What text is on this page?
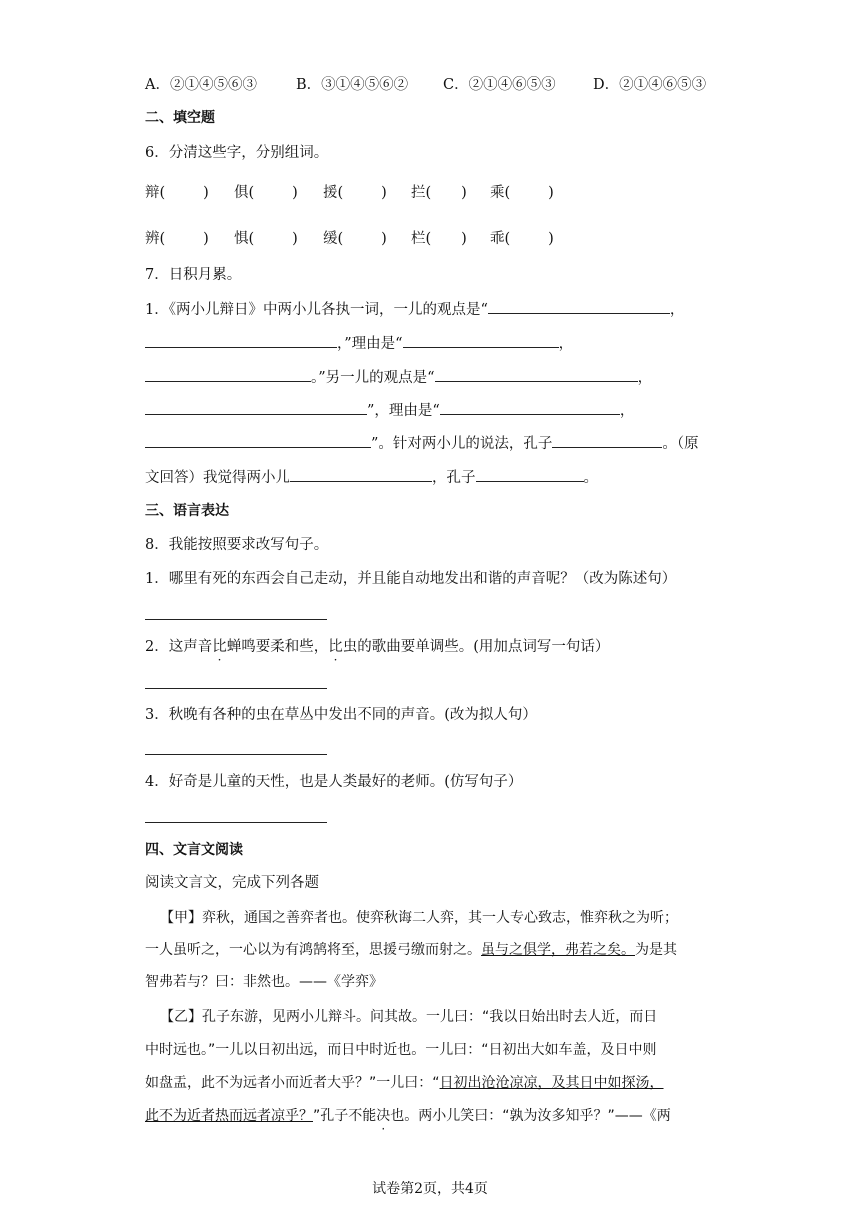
A．②①④⑤⑥③	B．③①④⑤⑥② C．②①④⑥⑤③	D．②①④⑥⑤③
二、填空题
6．分清这些字，分别组词。
辩(	) 俱(	) 援(	) 拦( ) 乘(	)
辨(	) 惧(	) 缓(	) 栏( ) 乖(	)
7．日积月累。
1．《两小儿辩日》中两小儿各执一词，一儿的观点是“	，
，”理由是“	，
。”另一儿的观点是“	，
”，理由是“	，
”。针对两小儿的说法，孔子	。（原
文回答）我觉得两小儿	，孔子	。
三、语言表达
8．我能按照要求改写句子。
1．哪里有死的东西会自己走动，并且能自动地发出和谐的声音呢？（改为陈述句）
2．这声音比蝉鸣要柔和些，比虫的歌曲要单调些。(用加点词写一句话）
3．秋晚有各种的虫在草丛中发出不同的声音。(改为拟人句）
4．好奇是儿童的天性，也是人类最好的老师。(仿写句子）
四、文言文阅读
阅读文言文，完成下列各题
【甲】弈秋，通国之善弈者也。使弈秋诲二人弈，其一人专心致志，惟弈秋之为听；
一人虽听之，一心以为有鸿鹄将至，思援弓缴而射之。虽与之俱学，弗若之矣。为是其
智弗若与？曰：非然也。——《学弈》
【乙】孔子东游，见两小儿辩斗。问其故。一儿曰：“我以日始出时去人近，而日
中时远也。”一儿以日初出远，而日中时近也。一儿曰：“日初出大如车盖，及日中则
如盘盂，此不为远者小而近者大乎？”一儿曰：“日初出沧沧凉凉，及其日中如探汤，
此不为近者热而远者凉乎？”孔子不能决也。两小儿笑曰：“孰为汝多知乎？”——《两
试卷第2页，共4页
